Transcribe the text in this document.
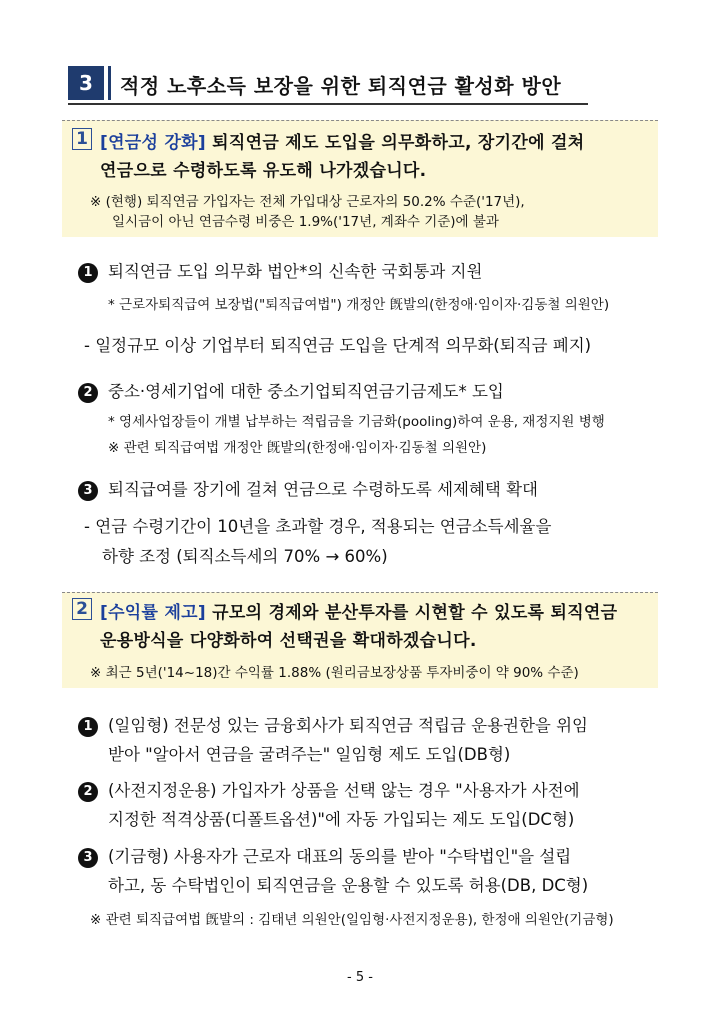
3	적정 노후소득 보장을 위한 퇴직연금 활성화 방안
1 [연금성 강화] 퇴직연금 제도 도입을 의무화하고, 장기간에 걸쳐
연금으로 수령하도록 유도해 나가겠습니다.
※ (현행) 퇴직연금 가입자는 전체 가입대상 근로자의 50.2% 수준('17년),
일시금이 아닌 연금수령 비중은 1.9%('17년, 계좌수 기준)에 불과
1 퇴직연금 도입 의무화 법안*의 신속한 국회통과 지원
* 근로자퇴직급여 보장법("퇴직급여법") 개정안 旣발의(한정애·임이자·김동철 의원안)
- 일정규모 이상 기업부터 퇴직연금 도입을 단계적 의무화(퇴직금 폐지)
2 중소·영세기업에 대한 중소기업퇴직연금기금제도* 도입
* 영세사업장들이 개별 납부하는 적립금을 기금화(pooling)하여 운용, 재정지원 병행
※ 관련 퇴직급여법 개정안 旣발의(한정애·임이자·김동철 의원안)
3 퇴직급여를 장기에 걸쳐 연금으로 수령하도록 세제혜택 확대
- 연금 수령기간이 10년을 초과할 경우, 적용되는 연금소득세율을
하향 조정 (퇴직소득세의 70% → 60%)
2 [수익률 제고] 규모의 경제와 분산투자를 시현할 수 있도록 퇴직연금
운용방식을 다양화하여 선택권을 확대하겠습니다.
※ 최근 5년('14~18)간 수익률 1.88% (원리금보장상품 투자비중이 약 90% 수준)
1 (일임형) 전문성 있는 금융회사가 퇴직연금 적립금 운용권한을 위임
받아 "알아서 연금을 굴려주는" 일임형 제도 도입(DB형)
2 (사전지정운용) 가입자가 상품을 선택 않는 경우 "사용자가 사전에
지정한 적격상품(디폴트옵션)"에 자동 가입되는 제도 도입(DC형)
3 (기금형) 사용자가 근로자 대표의 동의를 받아 "수탁법인"을 설립
하고, 동 수탁법인이 퇴직연금을 운용할 수 있도록 허용(DB, DC형)
※ 관련 퇴직급여법 旣발의 : 김태년 의원안(일임형·사전지정운용), 한정애 의원안(기금형)
- 5 -
